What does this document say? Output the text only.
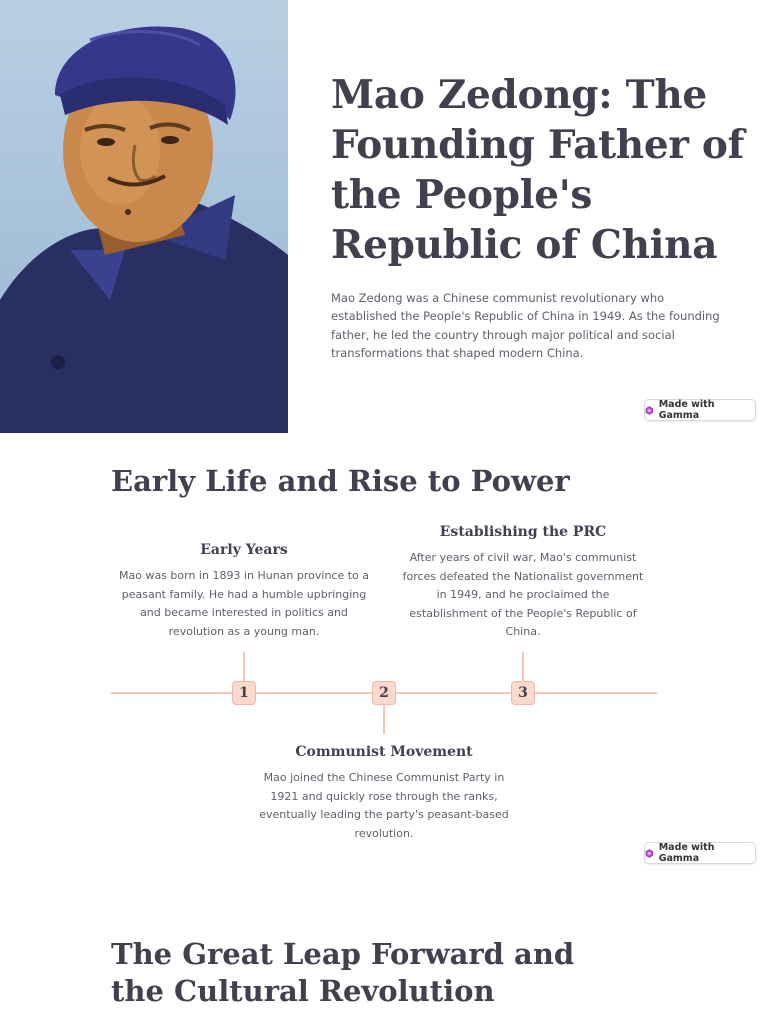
Mao Zedong: The Founding Father of the People's Republic of China

Mao Zedong was a Chinese communist revolutionary who established the People's Republic of China in 1949. As the founding father, he led the country through major political and social transformations that shaped modern China.

Made with Gamma
Early Life and Rise to Power
1	2	3
Early Years

Mao was born in 1893 in Hunan province to a peasant family. He had a humble upbringing and became interested in politics and revolution as a young man.

Establishing the PRC

After years of civil war, Mao's communist forces defeated the Nationalist government in 1949, and he proclaimed the establishment of the People's Republic of China.

Communist Movement

Mao joined the Chinese Communist Party in 1921 and quickly rose through the ranks, eventually leading the party's peasant-based revolution.

Made with Gamma
The Great Leap Forward and the Cultural Revolution
